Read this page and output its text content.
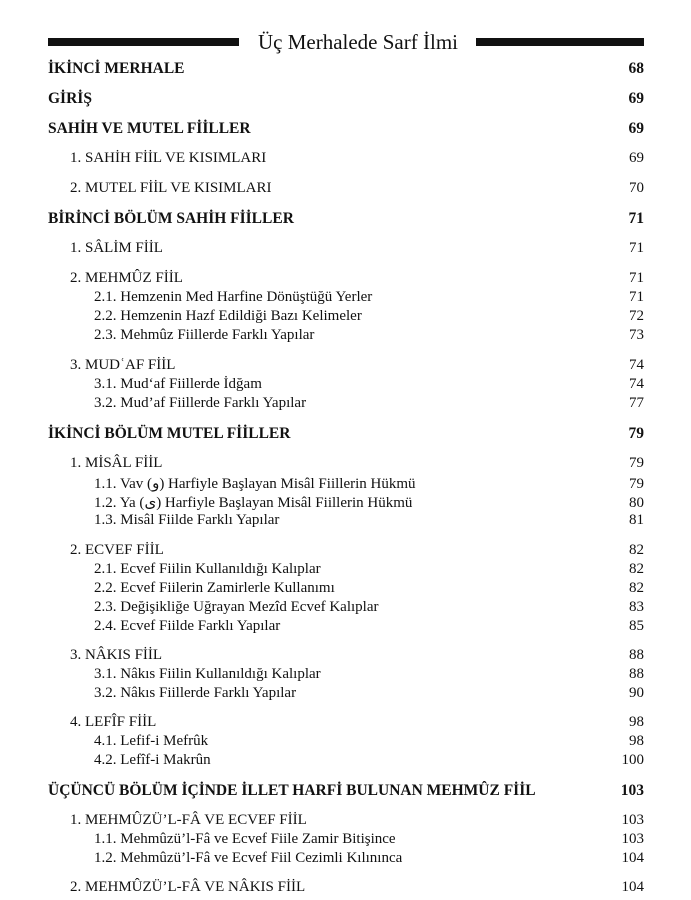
Üç Merhalede Sarf İlmi
İKİNCİ MERHALE	68
GİRİŞ	69
SAHİH VE MUTEL FİİLLER	69
1. SAHİH FİİL VE KISIMLARI	69
2. MUTEL FİİL VE KISIMLARI	70
BİRİNCİ BÖLÜM SAHİH FİİLLER	71
1. SÂLİM FİİL	71
2. MEHMÛZ FİİL	71
2.1. Hemzenin Med Harfine Dönüştüğü Yerler	71
2.2. Hemzenin Hazf Edildiği Bazı Kelimeler	72
2.3. Mehmûz Fiillerde Farklı Yapılar	73
3. MUDʿAF FİİL	74
3.1. Mud‘af Fiillerde İdğam	74
3.2. Mud’af Fiillerde Farklı Yapılar	77
İKİNCİ BÖLÜM MUTEL FİİLLER	79
1. MİSÂL FİİL	79
1.1. Vav (و) Harfiyle Başlayan Misâl Fiillerin Hükmü	79
1.2. Ya (ى) Harfiyle Başlayan Misâl Fiillerin Hükmü	80
1.3. Misâl Fiilde Farklı Yapılar	81
2. ECVEF FİİL	82
2.1. Ecvef Fiilin Kullanıldığı Kalıplar	82
2.2. Ecvef Fiilerin Zamirlerle Kullanımı	82
2.3. Değişikliğe Uğrayan Mezîd Ecvef Kalıplar	83
2.4. Ecvef Fiilde Farklı Yapılar	85
3. NÂKIS FİİL	88
3.1. Nâkıs Fiilin Kullanıldığı Kalıplar	88
3.2. Nâkıs Fiillerde Farklı Yapılar	90
4. LEFÎF FİİL	98
4.1. Lefif-i Mefrûk	98
4.2. Lefîf-i Makrûn	100
ÜÇÜNCÜ BÖLÜM İÇİNDE İLLET HARFİ BULUNAN MEHMÛZ FİİL	103
1. MEHMÛZÜ’L-FÂ VE ECVEF FİİL	103
1.1. Mehmûzü’l-Fâ ve Ecvef Fiile Zamir Bitişince	103
1.2. Mehmûzü’l-Fâ ve Ecvef Fiil Cezimli Kılınınca	104
2. MEHMÛZÜ’L-FÂ VE NÂKIS FİİL	104
